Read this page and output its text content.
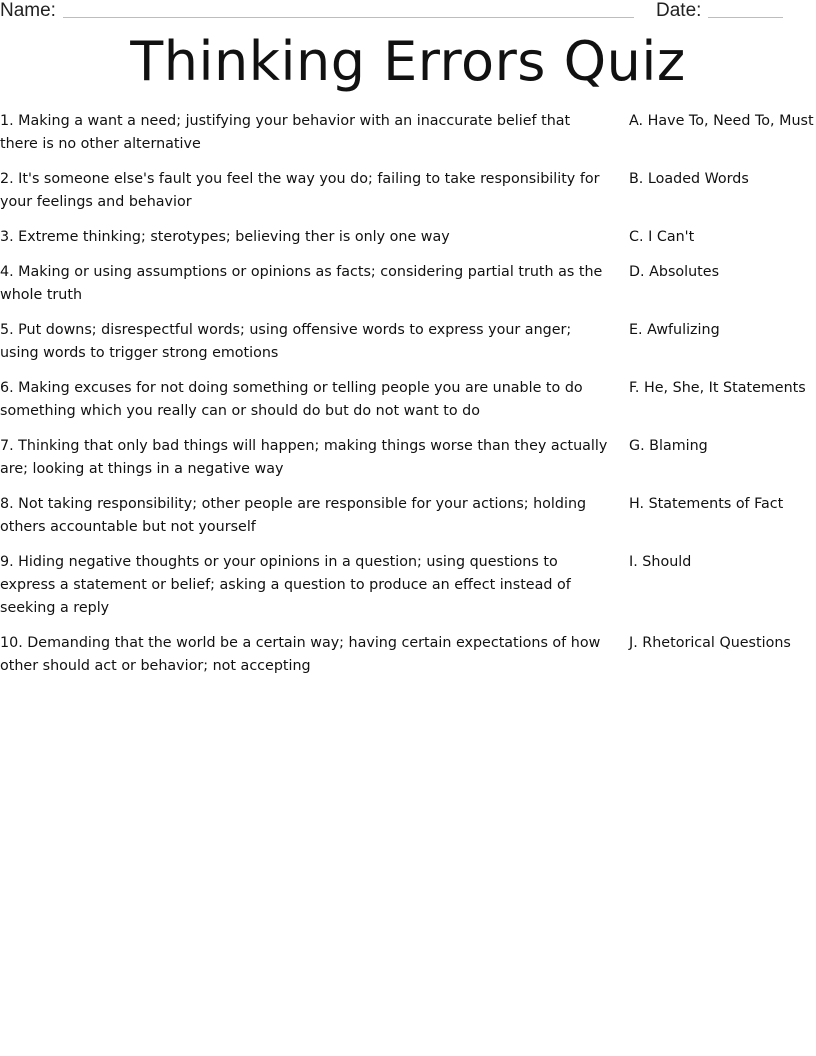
Name:	Date:
Thinking Errors Quiz
1. Making a want a need; justifying your behavior with an inaccurate belief that there is no other alternative
A. Have To, Need To, Must
2. It's someone else's fault you feel the way you do; failing to take responsibility for your feelings and behavior
B. Loaded Words
3. Extreme thinking; sterotypes; believing ther is only one way	C. I Can't
4. Making or using assumptions or opinions as facts; considering partial truth as the whole truth
D. Absolutes
5. Put downs; disrespectful words; using offensive words to express your anger; using words to trigger strong emotions
E. Awfulizing
6. Making excuses for not doing something or telling people you are unable to do something which you really can or should do but do not want to do
F. He, She, It Statements
7. Thinking that only bad things will happen; making things worse than they actually are; looking at things in a negative way
G. Blaming
8. Not taking responsibility; other people are responsible for your actions; holding others accountable but not yourself
H. Statements of Fact
9. Hiding negative thoughts or your opinions in a question; using questions to express a statement or belief; asking a question to produce an effect instead of seeking a reply
I. Should
10. Demanding that the world be a certain way; having certain expectations of how other should act or behavior; not accepting
J. Rhetorical Questions
